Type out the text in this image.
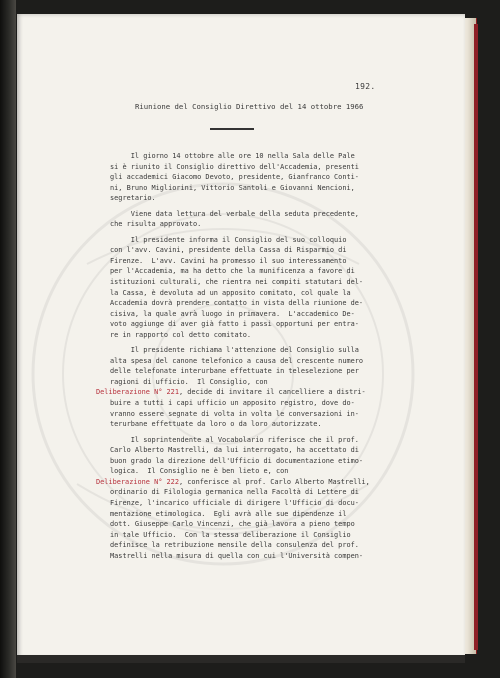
192.
Riunione del Consiglio Direttivo del 14 ottobre 1966
Il giorno 14 ottobre alle ore 10 nella Sala delle Pale
si è riunito il Consiglio direttivo dell'Accademia, presenti
gli accademici Giacomo Devoto, presidente, Gianfranco Conti-
ni, Bruno Migliorini, Vittorio Santoli e Giovanni Nencioni,
segretario.
Viene data lettura del verbale della seduta precedente,
che risulta approvato.
Il presidente informa il Consiglio del suo colloquio
con l'avv. Cavini, presidente della Cassa di Risparmio di
Firenze.  L'avv. Cavini ha promesso il suo interessamento
per l'Accademia, ma ha detto che la munificenza a favore di
istituzioni culturali, che rientra nei compiti statutari del-
la Cassa, è devoluta ad un apposito comitato, col quale la
Accademia dovrà prendere contatto in vista della riunione de-
cisiva, la quale avrà luogo in primavera.  L'accademico De-
voto aggiunge di aver già fatto i passi opportuni per entra-
re in rapporto col detto comitato.
Il presidente richiama l'attenzione del Consiglio sulla
alta spesa del canone telefonico a causa del crescente numero
delle telefonate interurbane effettuate in teleselezione per
ragioni di ufficio.  Il Consiglio, con
Deliberazione N° 221, decide di invitare il cancelliere a distri-
buire a tutti i capi ufficio un apposito registro, dove do-
vranno essere segnate di volta in volta le conversazioni in-
terurbane effettuate da loro o da loro autorizzate.
Il soprintendente al Vocabolario riferisce che il prof.
Carlo Alberto Mastrelli, da lui interrogato, ha accettato di
buon grado la direzione dell'Ufficio di documentazione etimo-
logica.  Il Consiglio ne è ben lieto e, con
Deliberazione N° 222, conferisce al prof. Carlo Alberto Mastrelli,
ordinario di Filologia germanica nella Facoltà di Lettere di
Firenze, l'incarico ufficiale di dirigere l'Ufficio di docu-
mentazione etimologica.  Egli avrà alle sue dipendenze il
dott. Giuseppe Carlo Vincenzi, che già lavora a pieno tempo
in tale Ufficio.  Con la stessa deliberazione il Consiglio
definisce la retribuzione mensile della consulenza del prof.
Mastrelli nella misura di quella con cui l'Università compen-
